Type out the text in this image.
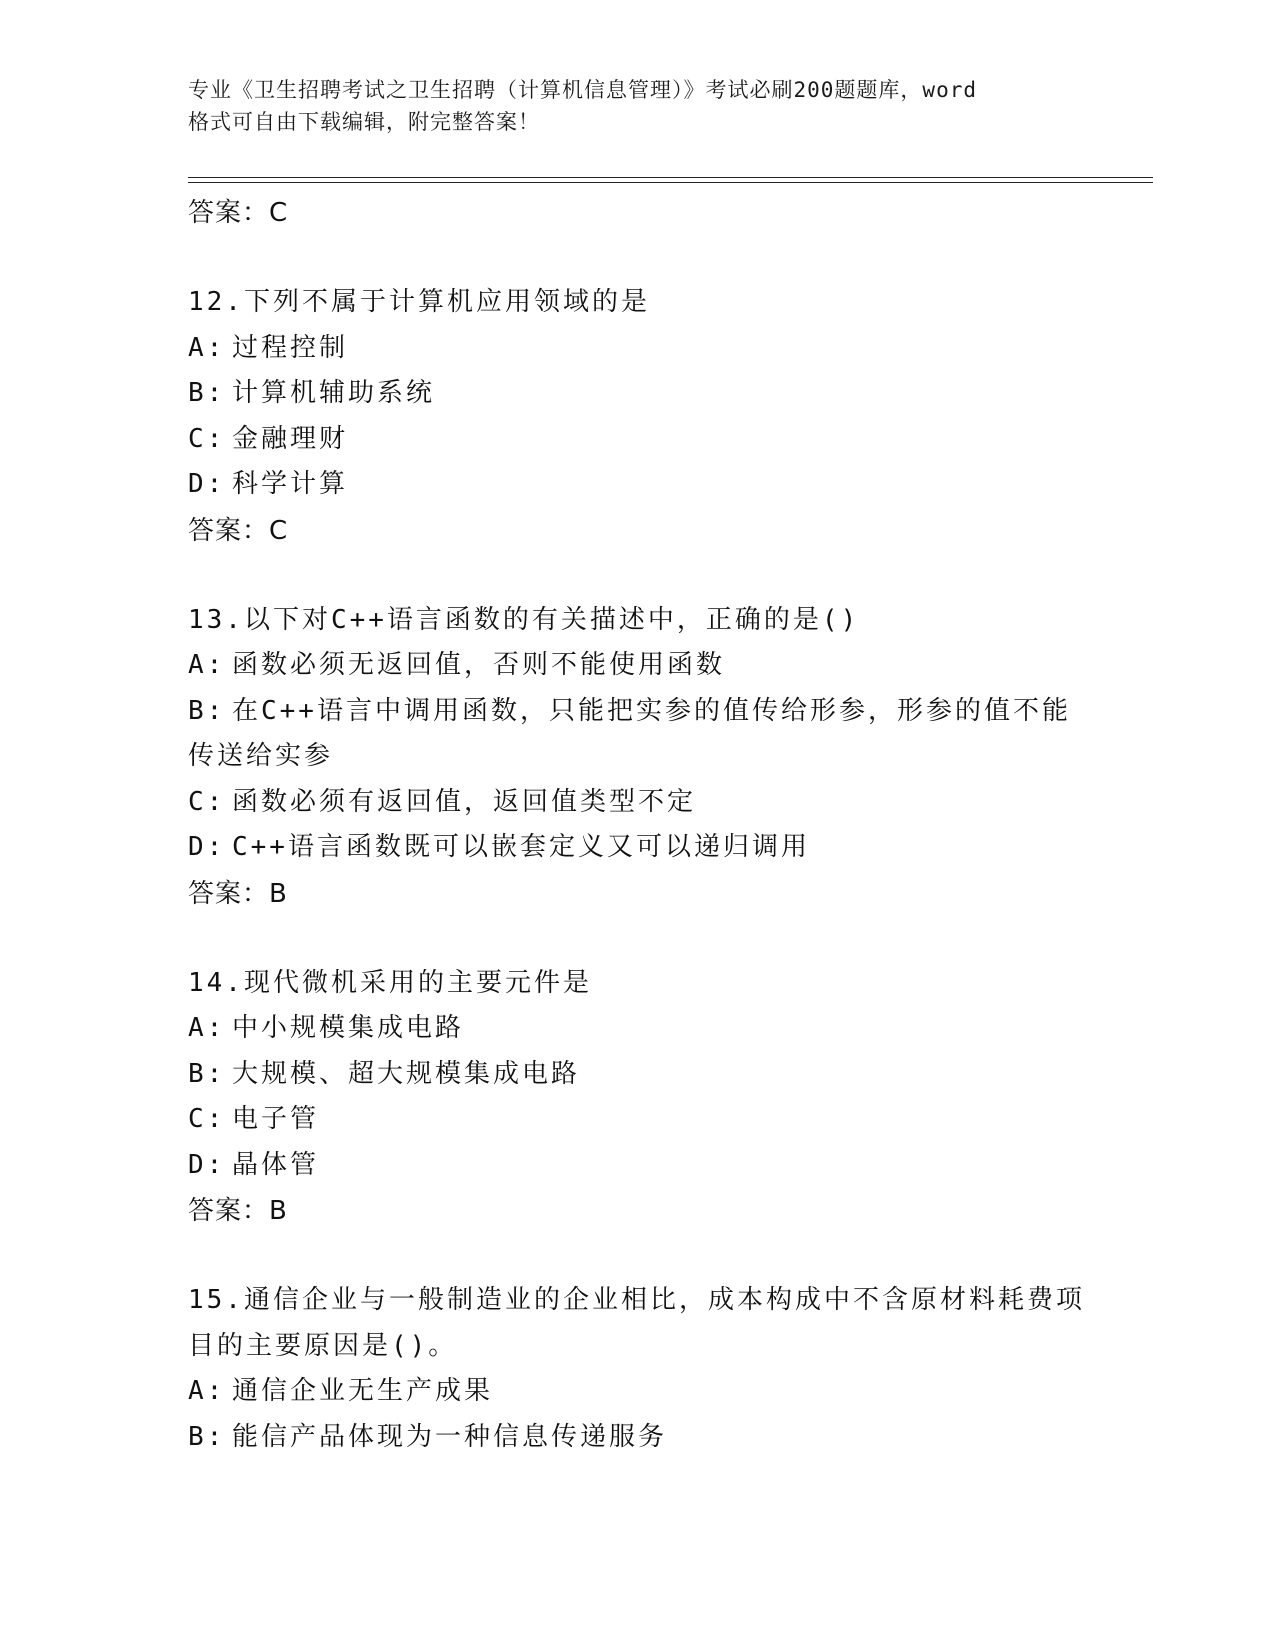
专业《卫生招聘考试之卫生招聘（计算机信息管理）》考试必刷200题题库，word
格式可自由下载编辑，附完整答案！
答案：C
12.下列不属于计算机应用领域的是
A: 过程控制
B: 计算机辅助系统
C: 金融理财
D: 科学计算
答案：C
13.以下对C++语言函数的有关描述中，正确的是()
A: 函数必须无返回值，否则不能使用函数
B: 在C++语言中调用函数，只能把实参的值传给形参，形参的值不能传送给实参
C: 函数必须有返回值，返回值类型不定
D: C++语言函数既可以嵌套定义又可以递归调用
答案：B
14.现代微机采用的主要元件是
A: 中小规模集成电路
B: 大规模、超大规模集成电路
C: 电子管
D: 晶体管
答案：B
15.通信企业与一般制造业的企业相比，成本构成中不含原材料耗费项目的主要原因是()。
A: 通信企业无生产成果
B: 能信产品体现为一种信息传递服务
